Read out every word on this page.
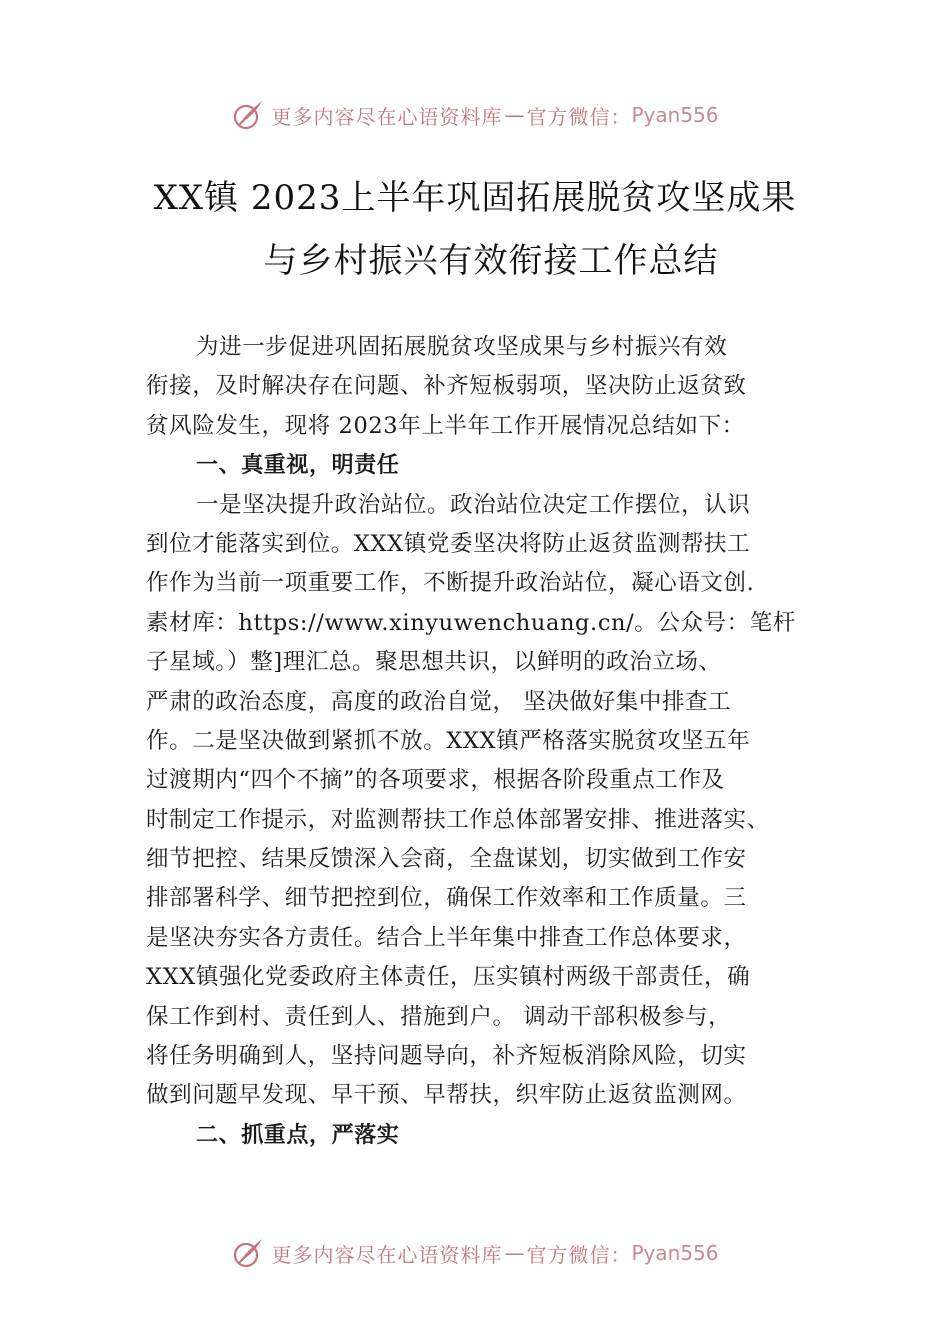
更多内容尽在心语资料库 — 官方微信： Pyan556
XX镇 2023上半年巩固拓展脱贫攻坚成果
与乡村振兴有效衔接工作总结
为进一步促进巩固拓展脱贫攻坚成果与乡村振兴有效
衔接，及时解决存在问题、补齐短板弱项，坚决防止返贫致
贫风险发生，现将 2023年上半年工作开展情况总结如下：
一、真重视，明责任
一是坚决提升政治站位。政治站位决定工作摆位，认识
到位才能落实到位。XXX镇党委坚决将防止返贫监测帮扶工
作作为当前一项重要工作，不断提升政治站位，凝心语文创.
素材库：https://www.xinyuwenchuang.cn/。公众号：笔杆
子星域。）整]理汇总。聚思想共识，以鲜明的政治立场、
严肃的政治态度，高度的政治自觉， 坚决做好集中排查工
作。二是坚决做到紧抓不放。XXX镇严格落实脱贫攻坚五年
过渡期内“四个不摘”的各项要求，根据各阶段重点工作及
时制定工作提示，对监测帮扶工作总体部署安排、推进落实、
细节把控、结果反馈深入会商，全盘谋划，切实做到工作安
排部署科学、细节把控到位，确保工作效率和工作质量。三
是坚决夯实各方责任。结合上半年集中排查工作总体要求，
XXX镇强化党委政府主体责任，压实镇村两级干部责任，确
保工作到村、责任到人、措施到户。 调动干部积极参与，
将任务明确到人，坚持问题导向，补齐短板消除风险，切实
做到问题早发现、早干预、早帮扶，织牢防止返贫监测网。
二、抓重点，严落实
更多内容尽在心语资料库 — 官方微信： Pyan556
